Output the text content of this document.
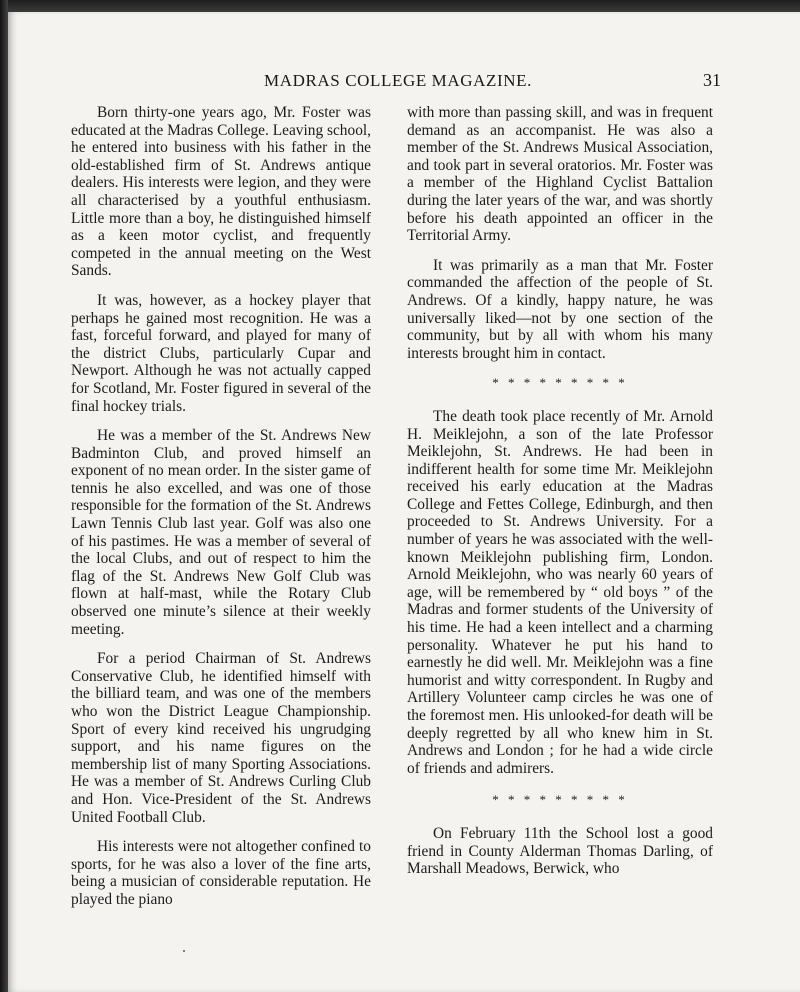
MADRAS COLLEGE MAGAZINE.	31

Born thirty-one years ago, Mr. Foster was educated at the Madras College. Leaving school, he entered into business with his father in the old-established firm of St. Andrews antique dealers. His interests were legion, and they were all characterised by a youthful enthusiasm. Little more than a boy, he distinguished himself as a keen motor cyclist, and frequently competed in the annual meeting on the West Sands.

It was, however, as a hockey player that perhaps he gained most recognition. He was a fast, forceful forward, and played for many of the district Clubs, particularly Cupar and Newport. Although he was not actually capped for Scotland, Mr. Foster figured in several of the final hockey trials.

He was a member of the St. Andrews New Badminton Club, and proved himself an exponent of no mean order. In the sister game of tennis he also excelled, and was one of those responsible for the formation of the St. Andrews Lawn Tennis Club last year. Golf was also one of his pastimes. He was a member of several of the local Clubs, and out of respect to him the flag of the St. Andrews New Golf Club was flown at half-mast, while the Rotary Club observed one minute’s silence at their weekly meeting.

For a period Chairman of St. Andrews Conservative Club, he identified himself with the billiard team, and was one of the members who won the District League Championship. Sport of every kind received his ungrudging support, and his name figures on the membership list of many Sporting Associations. He was a member of St. Andrews Curling Club and Hon. Vice-President of the St. Andrews United Football Club.

His interests were not altogether confined to sports, for he was also a lover of the fine arts, being a musician of considerable reputation. He played the piano

with more than passing skill, and was in frequent demand as an accompanist. He was also a member of the St. Andrews Musical Association, and took part in several oratorios. Mr. Foster was a member of the Highland Cyclist Battalion during the later years of the war, and was shortly before his death appointed an officer in the Territorial Army.

It was primarily as a man that Mr. Foster commanded the affection of the people of St. Andrews. Of a kindly, happy nature, he was universally liked—not by one section of the community, but by all with whom his many interests brought him in contact.

* * * * * * * * *

The death took place recently of Mr. Arnold H. Meiklejohn, a son of the late Professor Meiklejohn, St. Andrews. He had been in indifferent health for some time Mr. Meiklejohn received his early education at the Madras College and Fettes College, Edinburgh, and then proceeded to St. Andrews University. For a number of years he was associated with the well-known Meiklejohn publishing firm, London. Arnold Meiklejohn, who was nearly 60 years of age, will be remembered by “ old boys ” of the Madras and former students of the University of his time. He had a keen intellect and a charming personality. Whatever he put his hand to earnestly he did well. Mr. Meiklejohn was a fine humorist and witty correspondent. In Rugby and Artillery Volunteer camp circles he was one of the foremost men. His unlooked-for death will be deeply regretted by all who knew him in St. Andrews and London ; for he had a wide circle of friends and admirers.

* * * * * * * * *

On February 11th the School lost a good friend in County Alderman Thomas Darling, of Marshall Meadows, Berwick, who
